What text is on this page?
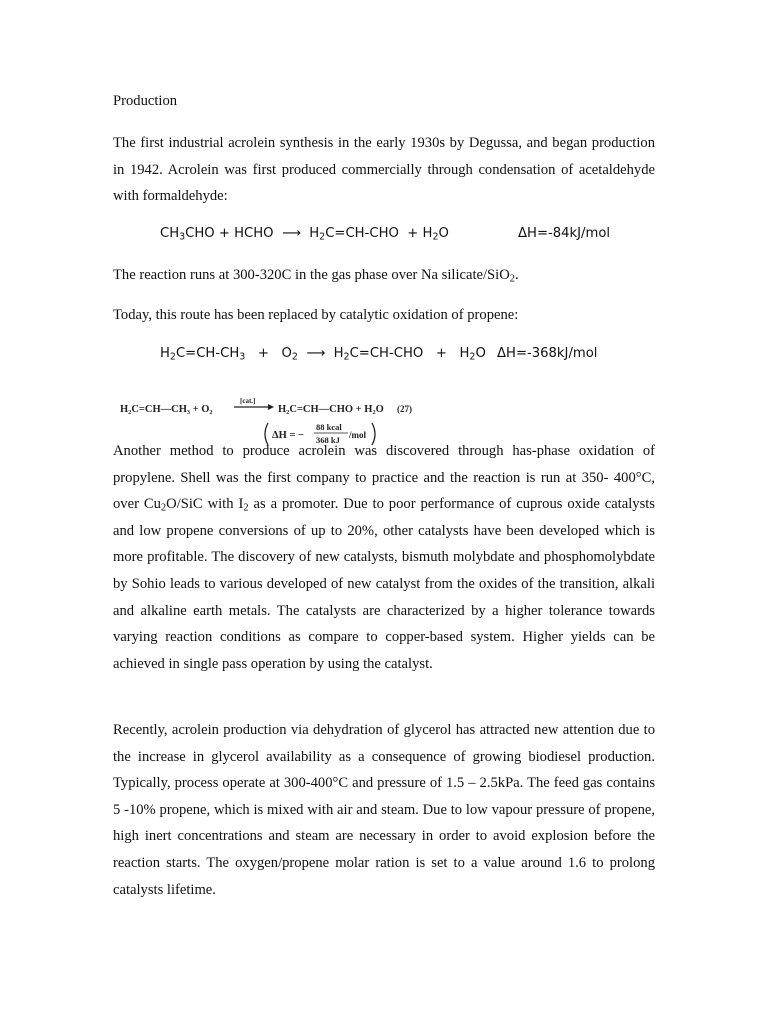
Production

The first industrial acrolein synthesis in the early 1930s by Degussa, and began production in 1942. Acrolein was first produced commercially through condensation of acetaldehyde with formaldehyde:

$CH_3CHO$ + HCHO ⟶ $H_2C=CH$-CHO + $H_2O$	ΔH=-84kJ/mol

The reaction runs at 300-320C in the gas phase over Na silicate/SiO$_2$.

Today, this route has been replaced by catalytic oxidation of propene:

$H_2C=CH-CH_3 + O_2$ ⟶ $H_2C=CH$-CHO + $H_2O$ ΔH=-368kJ/mol
H₂C=CH—CH₃ + O₂
[cat.]
H₂C=CH—CHO + H₂O (27)
ΔH = −
88 kcal
368 kJ /mol

Another method to produce acrolein was discovered through has-phase oxidation of propylene. Shell was the first company to practice and the reaction is run at 350- 400°C, over $Cu_2O$/SiC with $I_2$ as a promoter. Due to poor performance of cuprous oxide catalysts and low propene conversions of up to 20%, other catalysts have been developed which is more profitable. The discovery of new catalysts, bismuth molybdate and phosphomolybdate by Sohio leads to various developed of new catalyst from the oxides of the transition, alkali and alkaline earth metals. The catalysts are characterized by a higher tolerance towards varying reaction conditions as compare to copper-based system. Higher yields can be achieved in single pass operation by using the catalyst.

Recently, acrolein production via dehydration of glycerol has attracted new attention due to the increase in glycerol availability as a consequence of growing biodiesel production. Typically, process operate at 300-400°C and pressure of 1.5 – 2.5kPa. The feed gas contains 5 -10% propene, which is mixed with air and steam. Due to low vapour pressure of propene, high inert concentrations and steam are necessary in order to avoid explosion before the reaction starts. The oxygen/propene molar ration is set to a value around 1.6 to prolong catalysts lifetime.
